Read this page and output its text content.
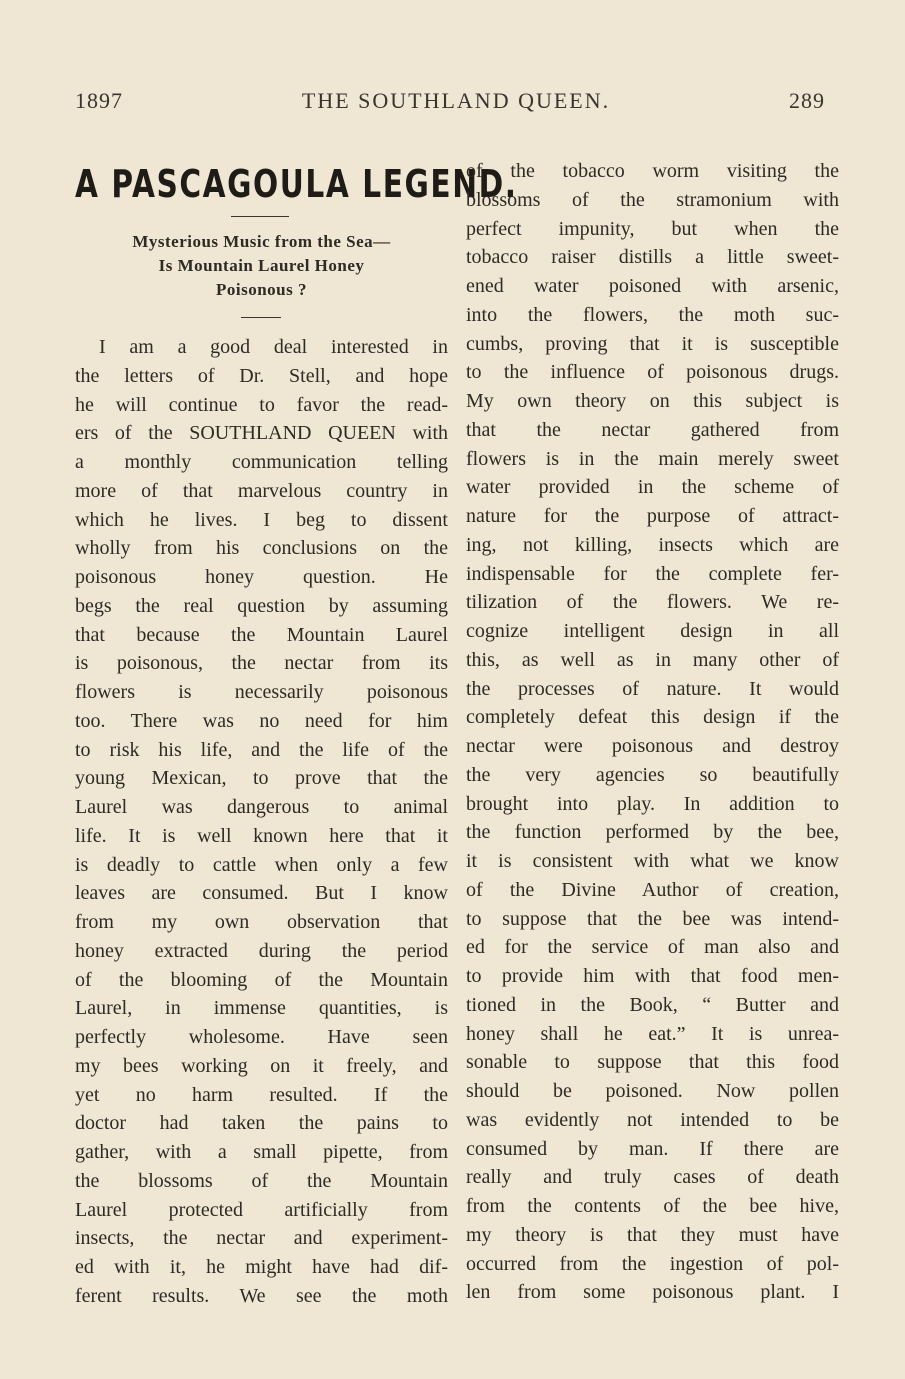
1897	THE SOUTHLAND QUEEN.	289
A PASCAGOULA LEGEND.
Mysterious Music from the Sea—
Is Mountain Laurel Honey
Poisonous ?
I am a good deal interested in
the letters of Dr. Stell, and hope
he will continue to favor the read-
ers of the SOUTHLAND QUEEN with
a monthly communication telling
more of that marvelous country in
which he lives. I beg to dissent
wholly from his conclusions on the
poisonous honey question. He
begs the real question by assuming
that because the Mountain Laurel
is poisonous, the nectar from its
flowers is necessarily poisonous
too. There was no need for him
to risk his life, and the life of the
young Mexican, to prove that the
Laurel was dangerous to animal
life. It is well known here that it
is deadly to cattle when only a few
leaves are consumed. But I know
from my own observation that
honey extracted during the period
of the blooming of the Mountain
Laurel, in immense quantities, is
perfectly wholesome. Have seen
my bees working on it freely, and
yet no harm resulted. If the
doctor had taken the pains to
gather, with a small pipette, from
the blossoms of the Mountain
Laurel protected artificially from
insects, the nectar and experiment-
ed with it, he might have had dif-
ferent results. We see the moth
of the tobacco worm visiting the
blossoms of the stramonium with
perfect impunity, but when the
tobacco raiser distills a little sweet-
ened water poisoned with arsenic,
into the flowers, the moth suc-
cumbs, proving that it is susceptible
to the influence of poisonous drugs.
My own theory on this subject is
that the nectar gathered from
flowers is in the main merely sweet
water provided in the scheme of
nature for the purpose of attract-
ing, not killing, insects which are
indispensable for the complete fer-
tilization of the flowers. We re-
cognize intelligent design in all
this, as well as in many other of
the processes of nature. It would
completely defeat this design if the
nectar were poisonous and destroy
the very agencies so beautifully
brought into play. In addition to
the function performed by the bee,
it is consistent with what we know
of the Divine Author of creation,
to suppose that the bee was intend-
ed for the service of man also and
to provide him with that food men-
tioned in the Book, “ Butter and
honey shall he eat.” It is unrea-
sonable to suppose that this food
should be poisoned. Now pollen
was evidently not intended to be
consumed by man. If there are
really and truly cases of death
from the contents of the bee hive,
my theory is that they must have
occurred from the ingestion of pol-
len from some poisonous plant. I
